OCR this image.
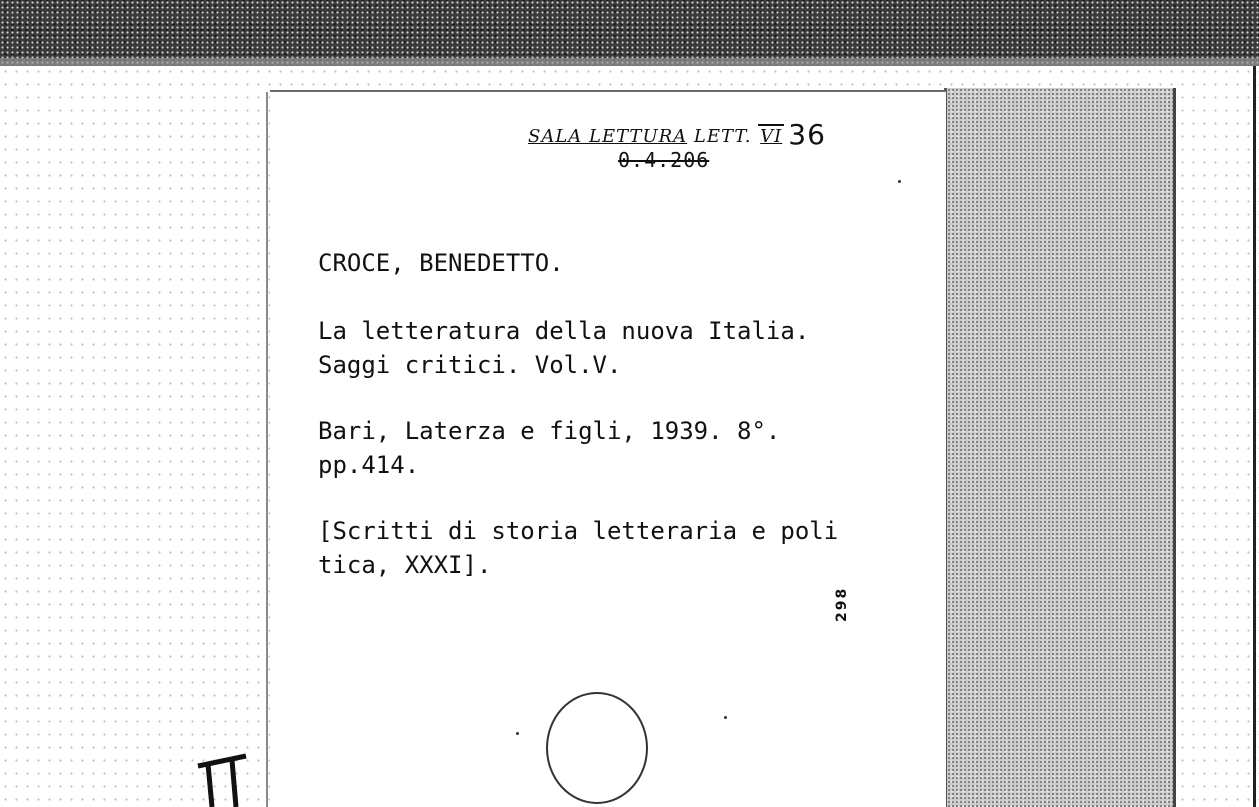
SALA LETTURA LETT. VI 36
0.4.206
CROCE, BENEDETTO.
La letteratura della nuova Italia.
Saggi critici. Vol.V.
Bari, Laterza e figli, 1939. 8°.
pp.414.
[Scritti di storia letteraria e poli
tica, XXXI].
298
